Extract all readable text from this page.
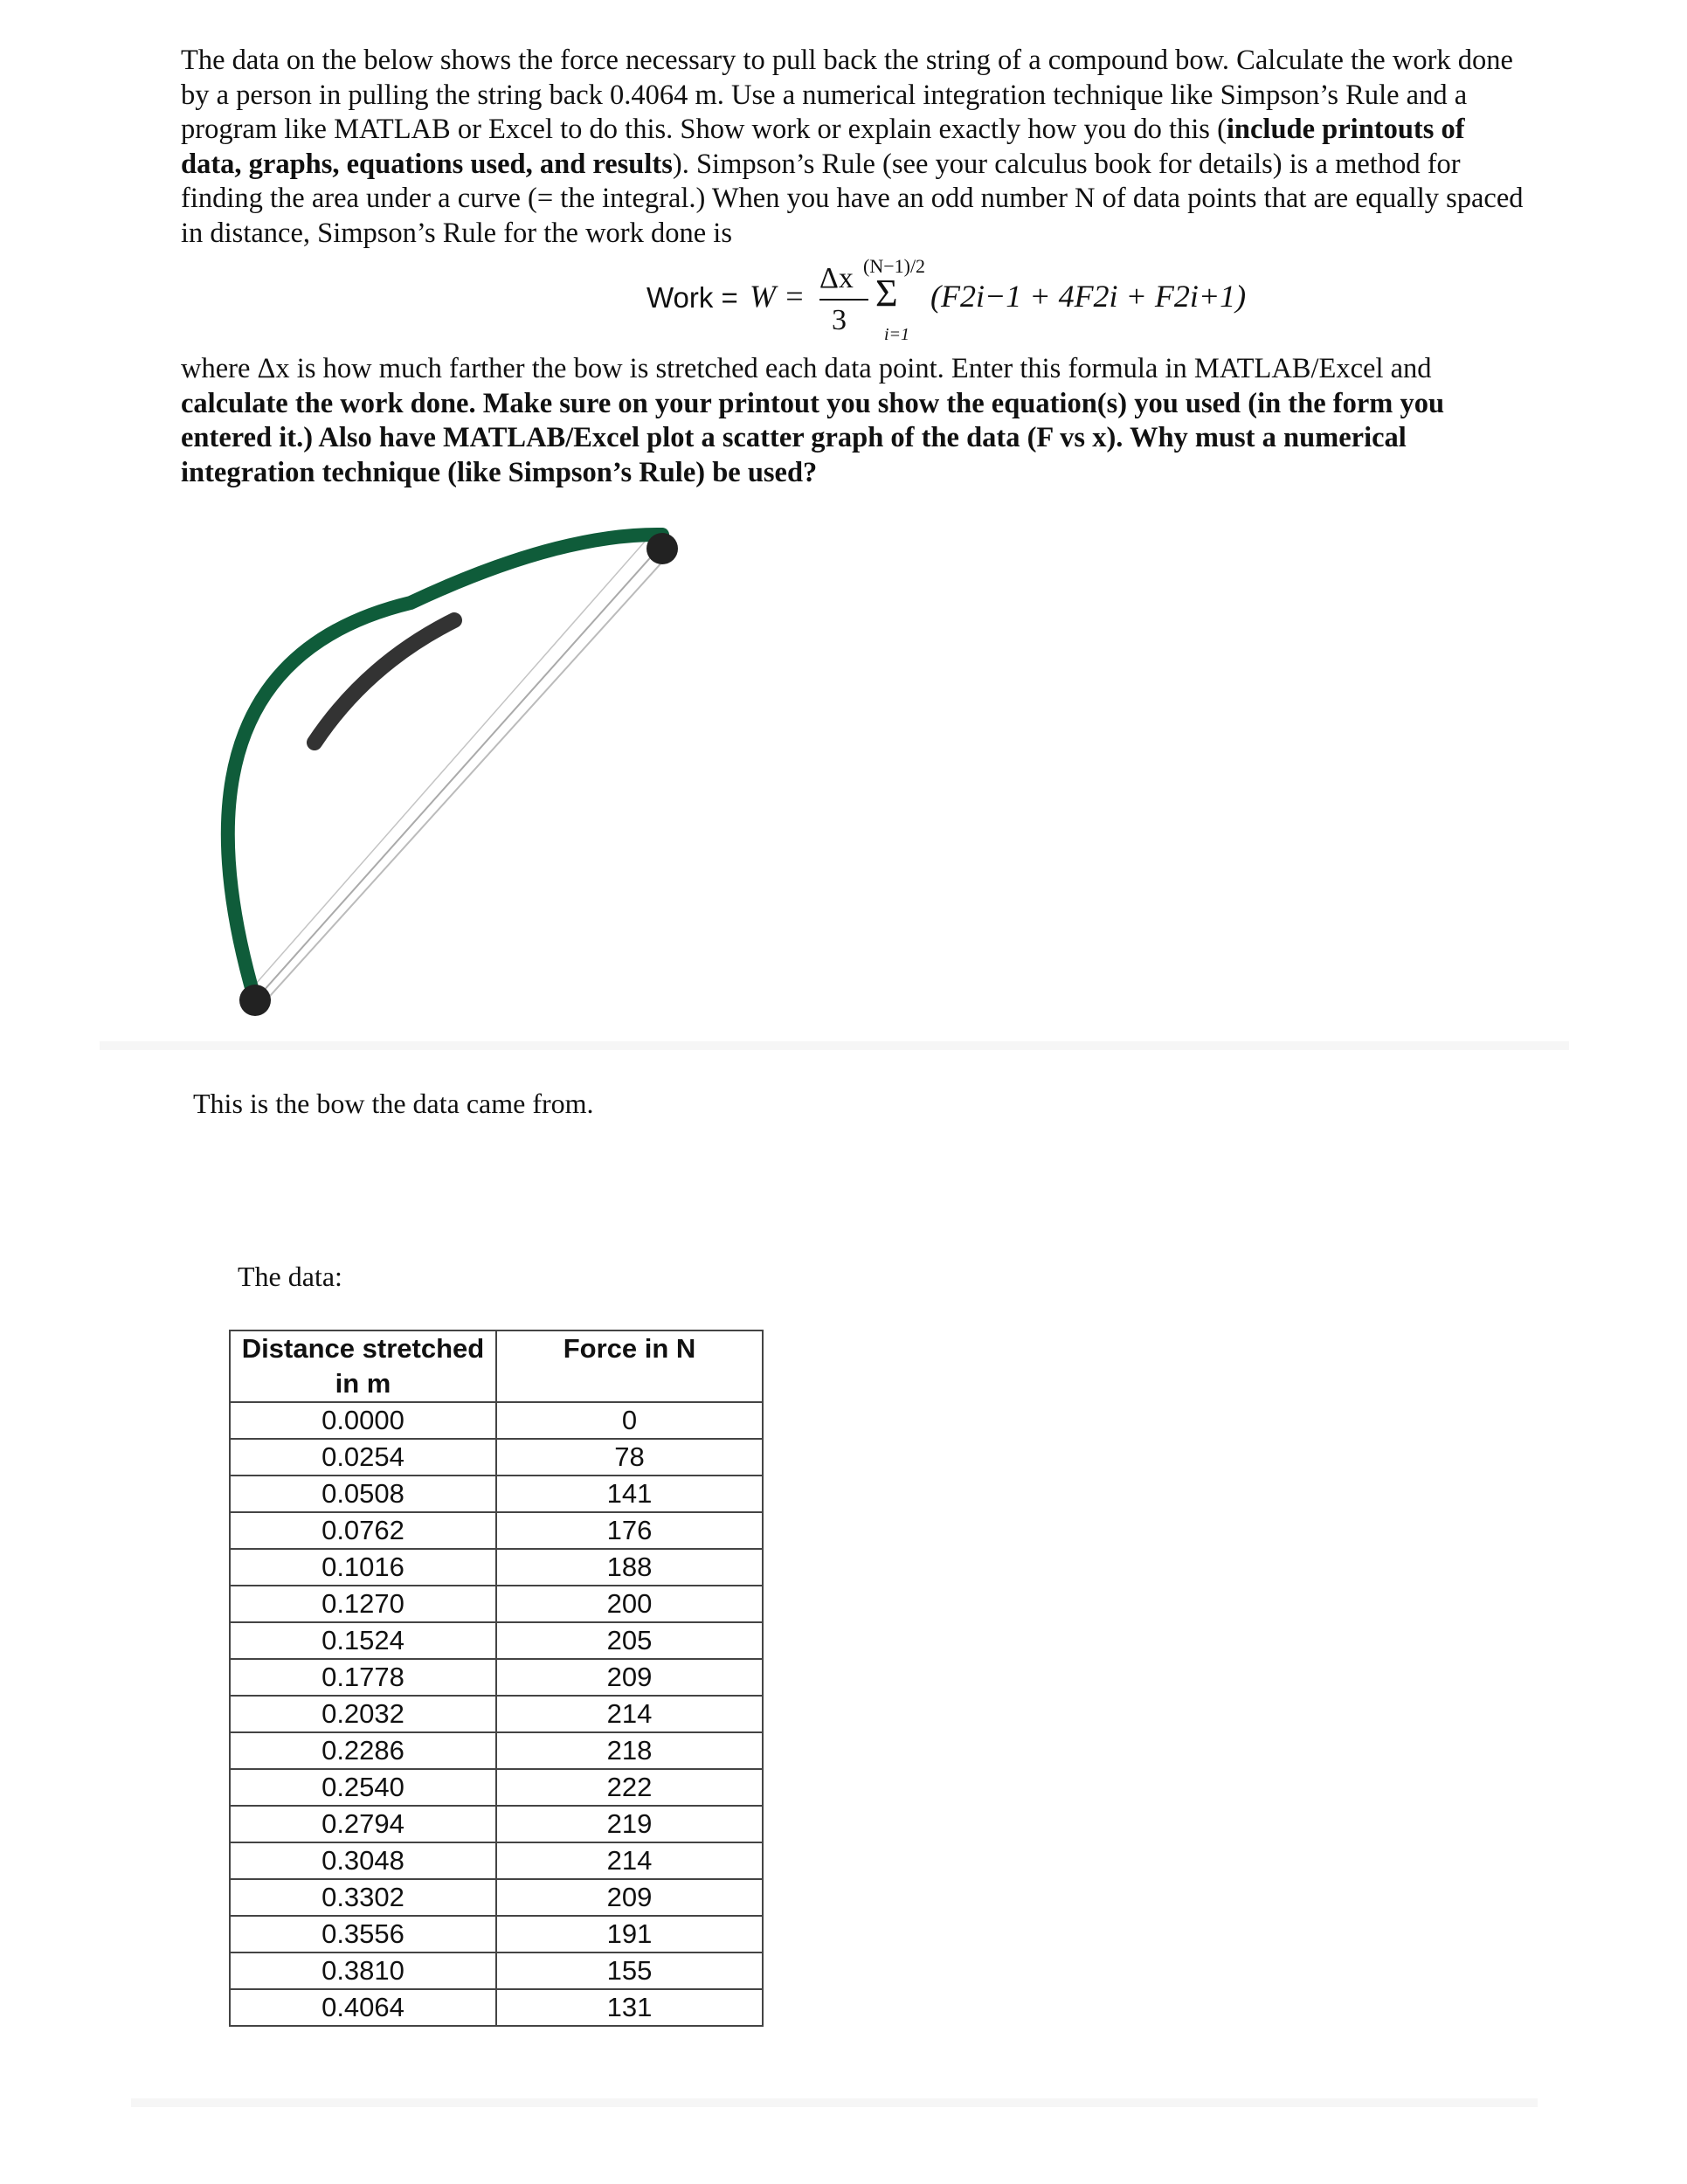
The data on the below shows the force necessary to pull back the string of a compound bow. Calculate the work done by a person in pulling the string back 0.4064 m. Use a numerical integration technique like Simpson’s Rule and a program like MATLAB or Excel to do this. Show work or explain exactly how you do this (include printouts of data, graphs, equations used, and results). Simpson’s Rule (see your calculus book for details) is a method for finding the area under a curve (= the integral.) When you have an odd number N of data points that are equally spaced in distance, Simpson’s Rule for the work done is
Work = W =
Δx
3
(N−1)/2
Σ
i=1
(F2i−1 + 4F2i + F2i+1)
where Δx is how much farther the bow is stretched each data point. Enter this formula in MATLAB/Excel and calculate the work done. Make sure on your printout you show the equation(s) you used (in the form you entered it.) Also have MATLAB/Excel plot a scatter graph of the data (F vs x). Why must a numerical integration technique (like Simpson’s Rule) be used?
This is the bow the data came from.
The data:
Distance stretched in m	Force in N
0.0000	0
0.0254	78
0.0508	141
0.0762	176
0.1016	188
0.1270	200
0.1524	205
0.1778	209
0.2032	214
0.2286	218
0.2540	222
0.2794	219
0.3048	214
0.3302	209
0.3556	191
0.3810	155
0.4064	131
